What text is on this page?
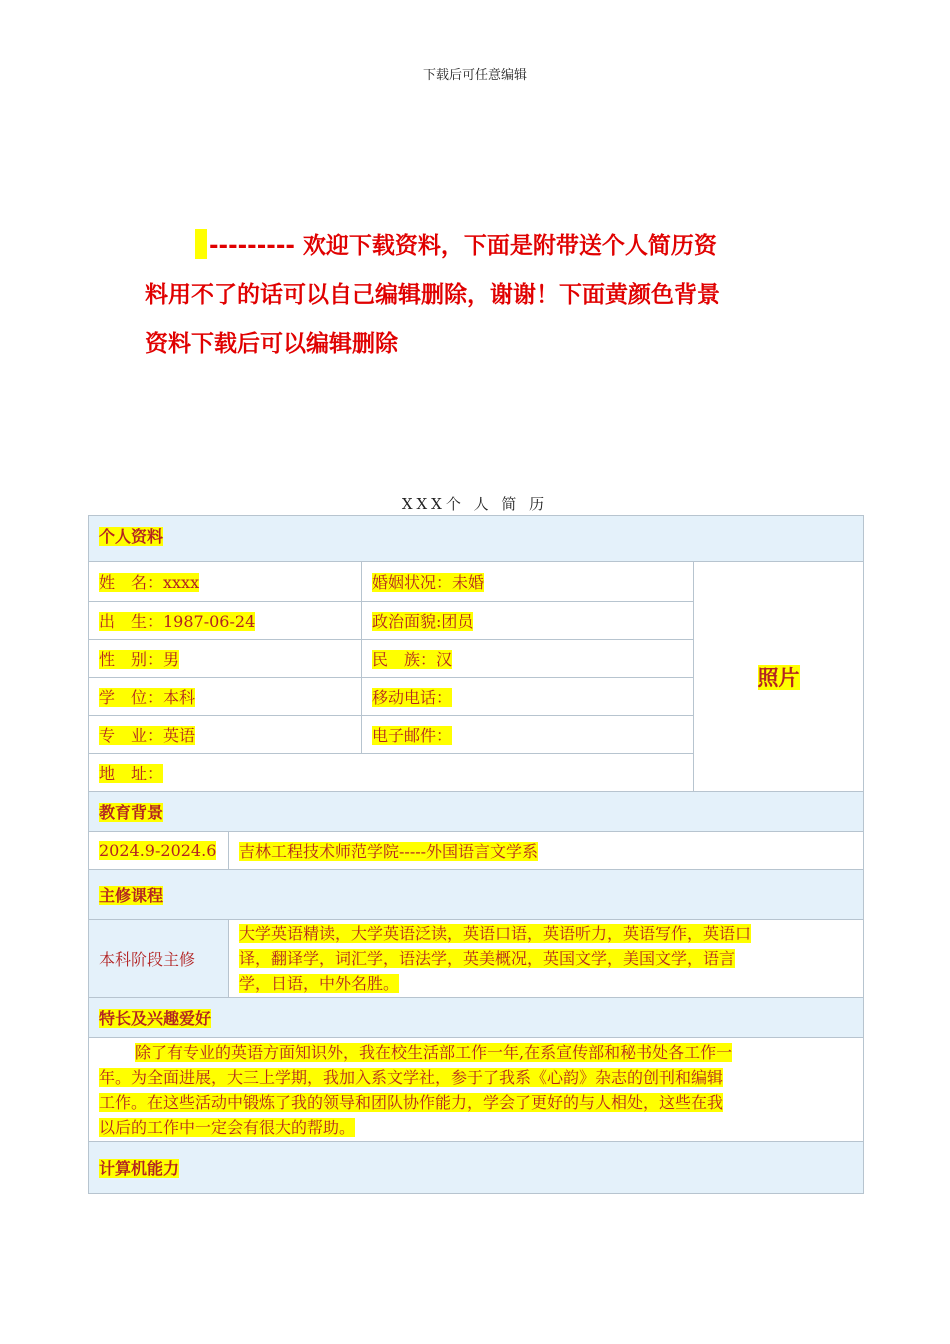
下载后可任意编辑
--------- 欢迎下载资料，下面是附带送个人简历资
料用不了的话可以自己编辑删除，谢谢！下面黄颜色背景
资料下载后可以编辑删除
XXX个 人 简 历
个人资料			
姓　名：xxxx		婚姻状况：未婚	照片
出　生：1987-06-24		政治面貌:团员	
性　别：男		民　族：汉	
学　位：本科		移动电话：	
专　业：英语		电子邮件：	
地　址：			
教育背景			
2024.9-2024.6	吉林工程技术师范学院-----外国语言文学系		
主修课程			
本科阶段主修	大学英语精读，大学英语泛读，英语口语，英语听力，英语写作，英语口
译，翻译学，词汇学，语法学，英美概况，英国文学，美国文学，语言
学，日语，中外名胜。		

特长及兴趣爱好			

除了有专业的英语方面知识外，我在校生活部工作一年,在系宣传部和秘书处各工作一
年。为全面进展，大三上学期，我加入系文学社，参于了我系《心韵》杂志的创刊和编辑
工作。在这些活动中锻炼了我的领导和团队协作能力，学会了更好的与人相处，这些在我
以后的工作中一定会有很大的帮助。			

计算机能力			
